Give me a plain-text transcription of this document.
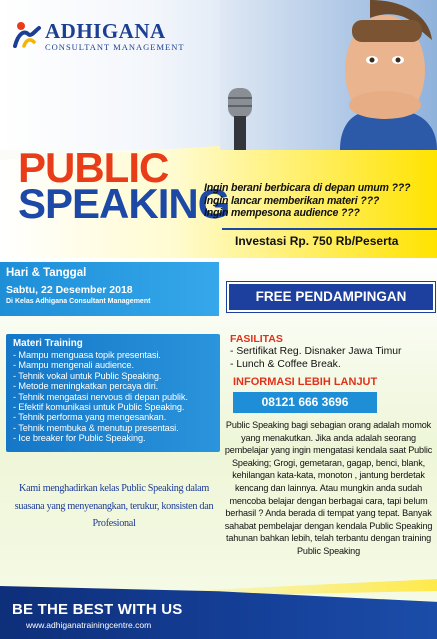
ADHIGANA
CONSULTANT MANAGEMENT
PUBLIC
SPEAKING
Ingin berani berbicara di depan umum ???
Ingin lancar memberikan materi ???
Ingin mempesona audience ???
Investasi Rp. 750 Rb/Peserta
Hari & Tanggal
Sabtu, 22 Desember 2018
Di Kelas Adhigana Consultant Management	FREE PENDAMPINGAN
Materi Training
- Mampu menguasa topik presentasi.
- Mampu mengenali audience.
- Tehnik vokal untuk Public Speaking.
- Metode meningkatkan percaya diri.
- Tehnik mengatasi nervous di depan publik.
- Efektif komunikasi untuk Public Speaking.
- Tehnik performa yang mengesankan.
- Tehnik membuka & menutup presentasi.
- Ice breaker for Public Speaking.
FASILITAS
- Sertifikat Reg. Disnaker Jawa Timur
- Lunch & Coffee Break.
INFORMASI LEBIH LANJUT
08121 666 3696
Public Speaking bagi sebagian orang adalah momok yang menakutkan. Jika anda adalah seorang pembelajar yang ingin mengatasi kendala saat Public Speaking; Grogi, gemetaran, gagap, benci, blank, kehilangan kata-kata, monoton , jantung berdetak kencang dan lainnya. Atau mungkin anda sudah mencoba belajar dengan berbagai cara, tapi belum berhasil ? Anda berada di tempat yang tepat. Banyak sahabat pembelajar dengan kendala Public Speaking tahunan bahkan lebih, telah terbantu dengan training Public Speaking
Kami menghadirkan kelas Public Speaking dalam suasana yang menyenangkan, terukur, konsisten dan Profesional
BE THE BEST WITH US
www.adhiganatrainingcentre.com
